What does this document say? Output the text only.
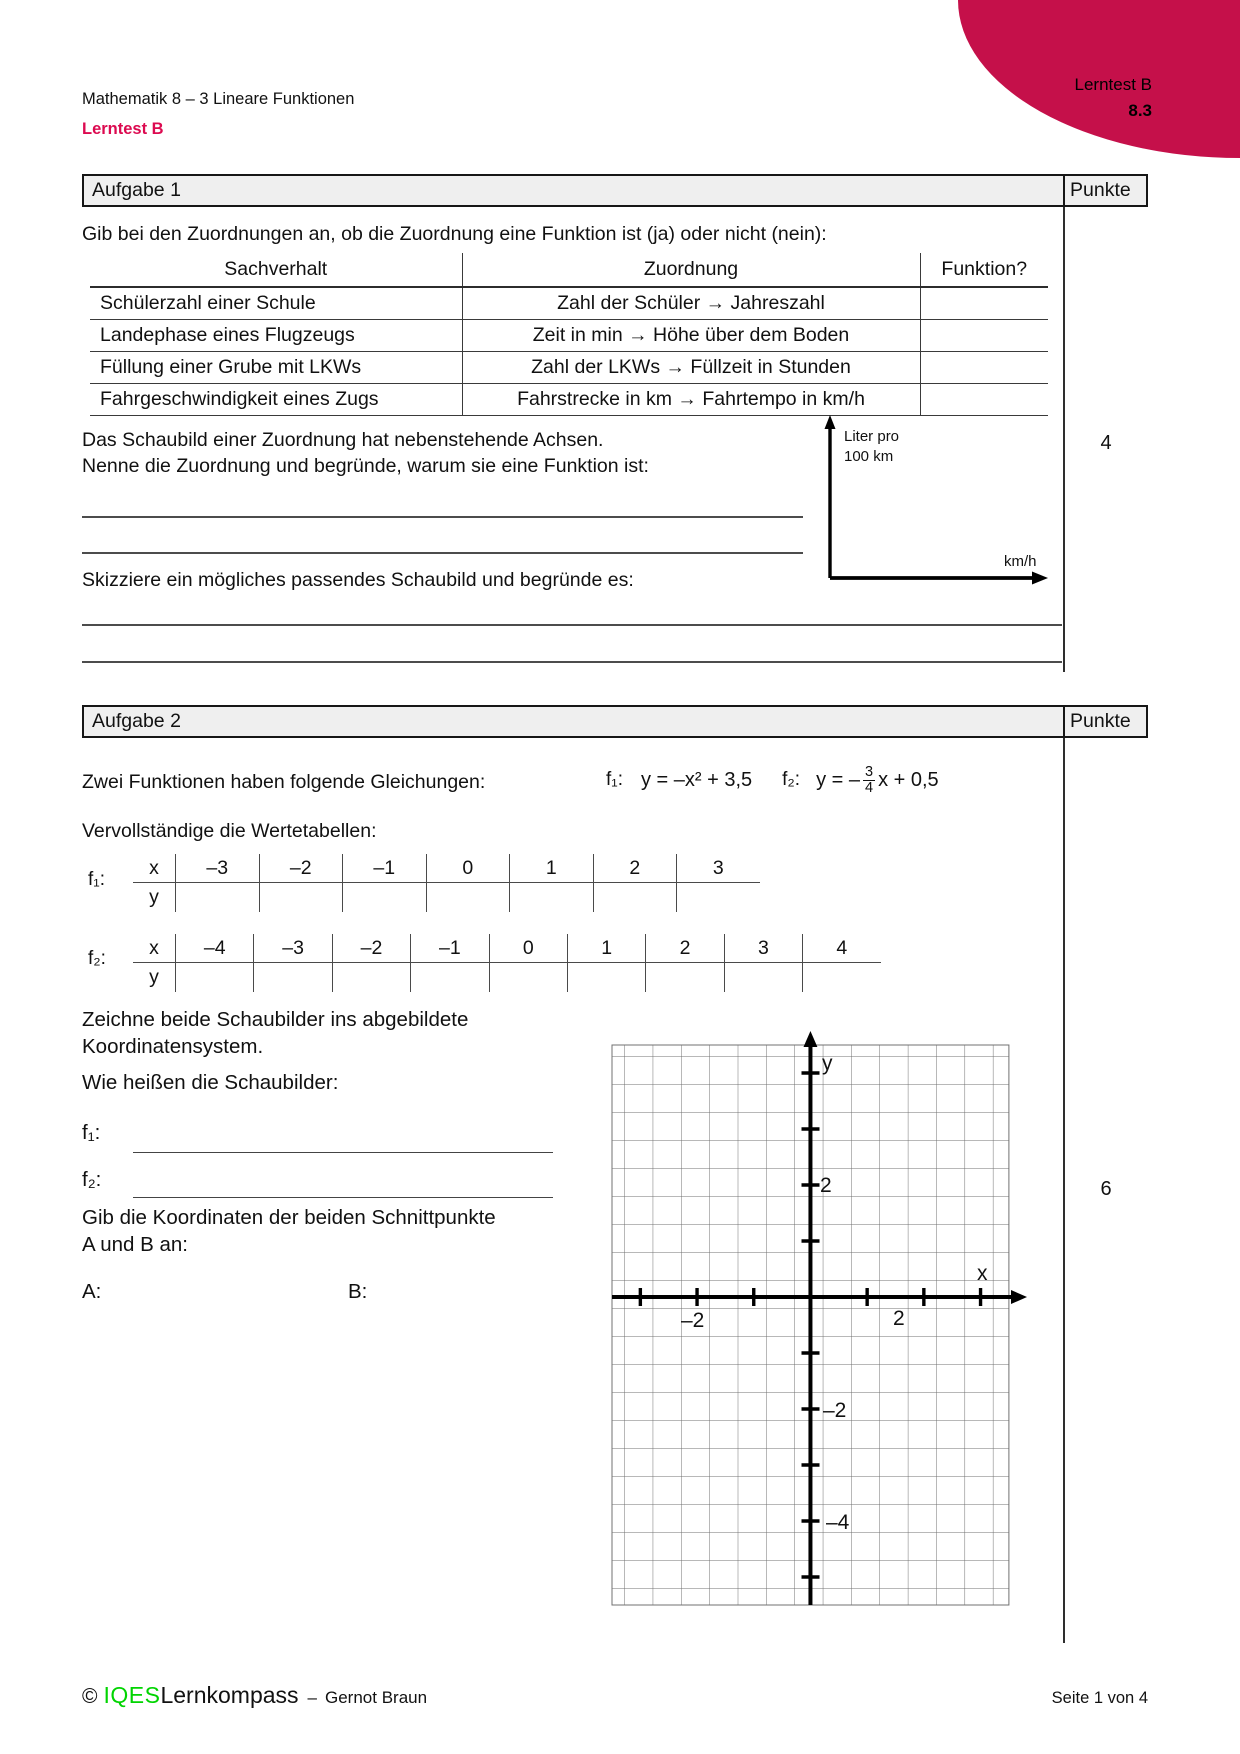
Lerntest B
8.3
Mathematik 8 – 3 Lineare Funktionen
Lerntest B
Aufgabe 1	Punkte
4
Gib bei den Zuordnungen an, ob die Zuordnung eine Funktion ist (ja) oder nicht (nein):
Sachverhalt	Zuordnung	Funktion?
Schülerzahl einer Schule	Zahl der Schüler → Jahreszahl	
Landephase eines Flugzeugs	Zeit in min → Höhe über dem Boden	
Füllung einer Grube mit LKWs	Zahl der LKWs → Füllzeit in Stunden	
Fahrgeschwindigkeit eines Zugs	Fahrstrecke in km → Fahrtempo in km/h	
Das Schaubild einer Zuordnung hat nebenstehende Achsen.
Nenne die Zuordnung und begründe, warum sie eine Funktion ist:
Skizziere ein mögliches passendes Schaubild und begründe es:
Liter pro
100 km
km/h
Aufgabe 2	Punkte
6
Zwei Funktionen haben folgende Gleichungen:	f₁: y = –x² + 3,5 f₂: y = – $\frac{3}{4}$ x + 0,5
Vervollständige die Wertetabellen:
f₁:
x	–3	–2	–1	0	1	2	3
y
f₂:	x	–4	–3	–2	–1	0	1	2	3	4
y
Zeichne beide Schaubilder ins abgebildete
Koordinatensystem.
Wie heißen die Schaubilder:
f₁:
f₂:
Gib die Koordinaten der beiden Schnittpunkte
A und B an:
A:	B:
y
x
2
–2
2
–2
–4
© IQES Lernkompass – Gernot Braun	Seite 1 von 4
